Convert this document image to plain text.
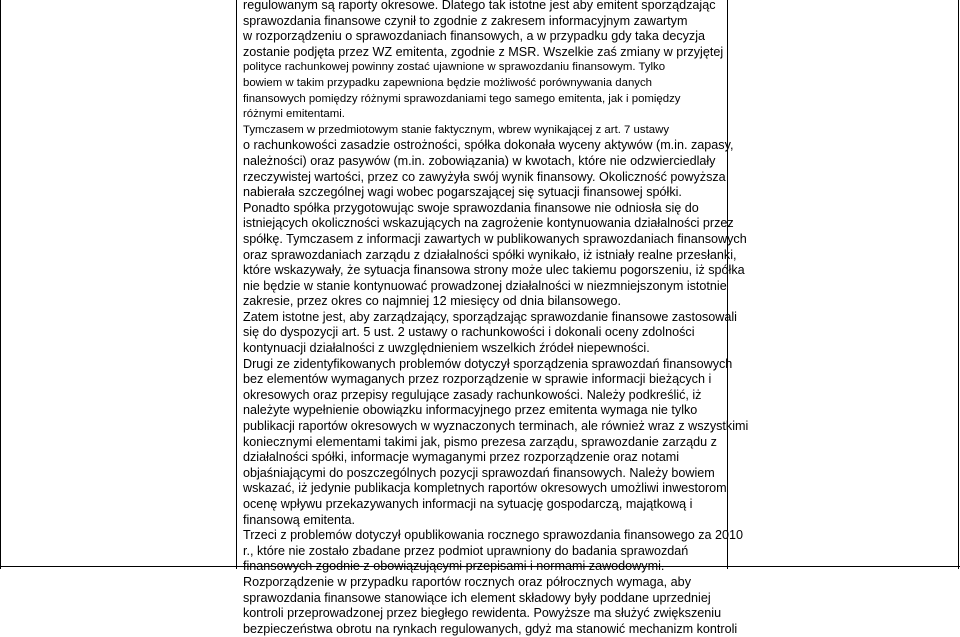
regulowanym są raporty okresowe. Dlatego tak istotne jest aby emitent sporządzając

sprawozdania finansowe czynił to zgodnie z zakresem informacyjnym zawartym

w rozporządzeniu o sprawozdaniach finansowych, a w przypadku gdy taka decyzja

zostanie podjęta przez WZ emitenta, zgodnie z MSR. Wszelkie zaś zmiany w przyjętej

polityce rachunkowej powinny zostać ujawnione w sprawozdaniu finansowym. Tylko

bowiem w takim przypadku zapewniona będzie możliwość porównywania danych

finansowych pomiędzy różnymi sprawozdaniami tego samego emitenta, jak i pomiędzy

różnymi emitentami.

Tymczasem w przedmiotowym stanie faktycznym, wbrew wynikającej z art. 7 ustawy

o rachunkowości zasadzie ostrożności, spółka dokonała wyceny aktywów (m.in. zapasy,

należności) oraz pasywów (m.in. zobowiązania) w kwotach, które nie odzwierciedlały

rzeczywistej wartości, przez co zawyżyła swój wynik finansowy. Okoliczność powyższa

nabierała szczególnej wagi wobec pogarszającej się sytuacji finansowej spółki.

Ponadto spółka przygotowując swoje sprawozdania finansowe nie odniosła się do

istniejących okoliczności wskazujących na zagrożenie kontynuowania działalności przez

spółkę. Tymczasem z informacji zawartych w publikowanych sprawozdaniach finansowych

oraz sprawozdaniach zarządu z działalności spółki wynikało, iż istniały realne przesłanki,

które wskazywały, że sytuacja finansowa strony może ulec takiemu pogorszeniu, iż spółka

nie będzie w stanie kontynuować prowadzonej działalności w niezmniejszonym istotnie

zakresie, przez okres co najmniej 12 miesięcy od dnia bilansowego.

Zatem istotne jest, aby zarządzający, sporządzając sprawozdanie finansowe zastosowali

się do dyspozycji art. 5 ust. 2 ustawy o rachunkowości i dokonali oceny zdolności

kontynuacji działalności z uwzględnieniem wszelkich źródeł niepewności.

Drugi ze zidentyfikowanych problemów dotyczył sporządzenia sprawozdań finansowych

bez elementów wymaganych przez rozporządzenie w sprawie informacji bieżących i

okresowych oraz przepisy regulujące zasady rachunkowości. Należy podkreślić, iż

należyte wypełnienie obowiązku informacyjnego przez emitenta wymaga nie tylko

publikacji raportów okresowych w wyznaczonych terminach, ale również wraz z wszystkimi

koniecznymi elementami takimi jak, pismo prezesa zarządu, sprawozdanie zarządu z

działalności spółki, informacje wymaganymi przez rozporządzenie oraz notami

objaśniającymi do poszczególnych pozycji sprawozdań finansowych. Należy bowiem

wskazać, iż jedynie publikacja kompletnych raportów okresowych umożliwi inwestorom

ocenę wpływu przekazywanych informacji na sytuację gospodarczą, majątkową i

finansową emitenta.

Trzeci z problemów dotyczył opublikowania rocznego sprawozdania finansowego za 2010

r., które nie zostało zbadane przez podmiot uprawniony do badania sprawozdań

finansowych zgodnie z obowiązującymi przepisami i normami zawodowymi.

Rozporządzenie w przypadku raportów rocznych oraz półrocznych wymaga, aby

sprawozdania finansowe stanowiące ich element składowy były poddane uprzedniej

kontroli przeprowadzonej przez biegłego rewidenta. Powyższe ma służyć zwiększeniu

bezpieczeństwa obrotu na rynkach regulowanych, gdyż ma stanowić mechanizm kontroli
